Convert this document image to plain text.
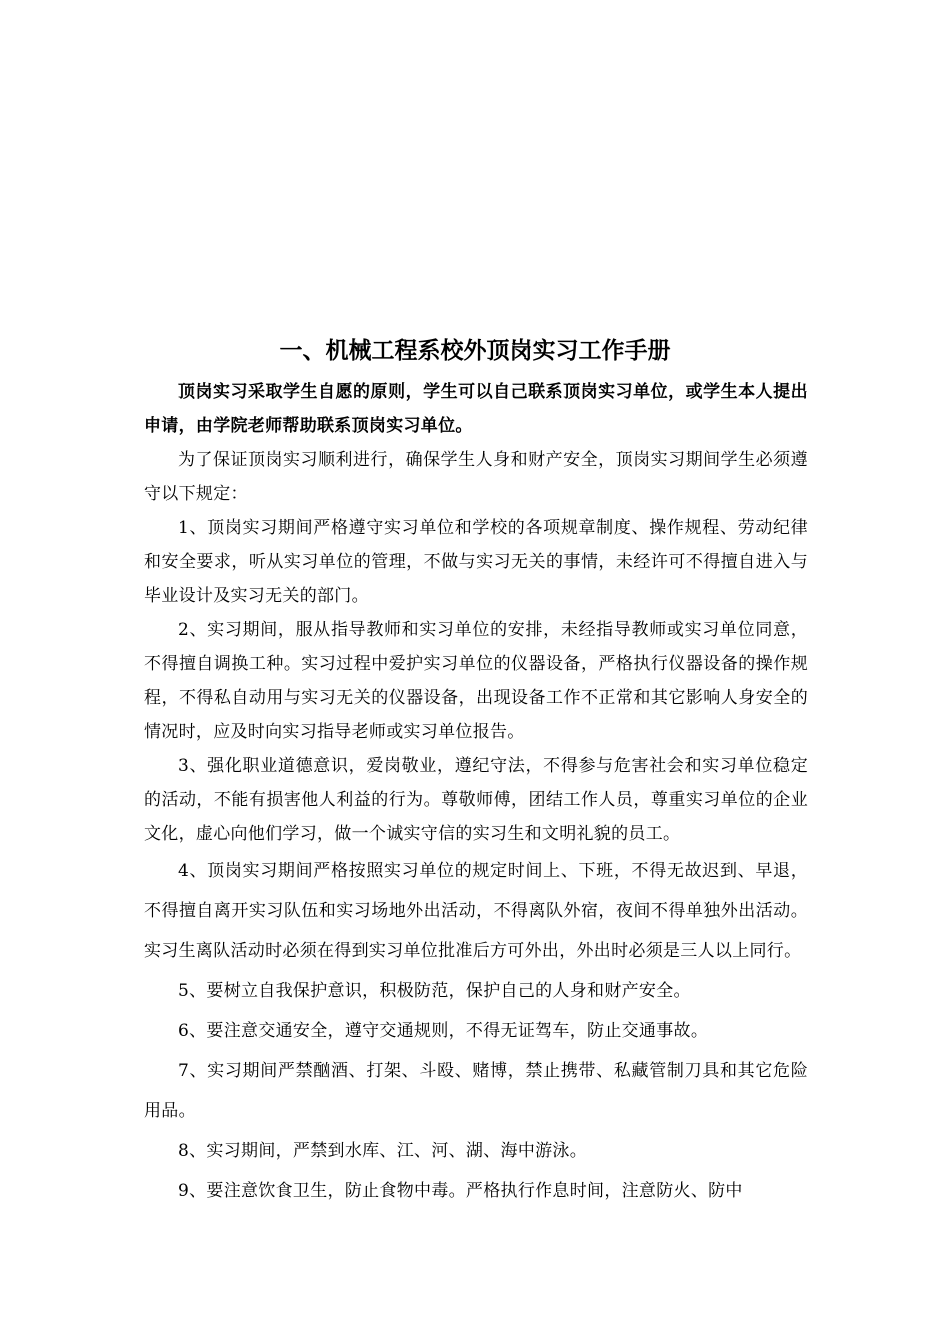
一、机械工程系校外顶岗实习工作手册

顶岗实习采取学生自愿的原则，学生可以自己联系顶岗实习单位，或学生本人提出申请，由学院老师帮助联系顶岗实习单位。

为了保证顶岗实习顺利进行，确保学生人身和财产安全，顶岗实习期间学生必须遵守以下规定：

1、顶岗实习期间严格遵守实习单位和学校的各项规章制度、操作规程、劳动纪律和安全要求，听从实习单位的管理，不做与实习无关的事情，未经许可不得擅自进入与毕业设计及实习无关的部门。

2、实习期间，服从指导教师和实习单位的安排，未经指导教师或实习单位同意，不得擅自调换工种。实习过程中爱护实习单位的仪器设备，严格执行仪器设备的操作规程，不得私自动用与实习无关的仪器设备，出现设备工作不正常和其它影响人身安全的情况时，应及时向实习指导老师或实习单位报告。

3、强化职业道德意识，爱岗敬业，遵纪守法，不得参与危害社会和实习单位稳定的活动，不能有损害他人利益的行为。尊敬师傅，团结工作人员，尊重实习单位的企业文化，虚心向他们学习，做一个诚实守信的实习生和文明礼貌的员工。

4、顶岗实习期间严格按照实习单位的规定时间上、下班，不得无故迟到、早退，不得擅自离开实习队伍和实习场地外出活动，不得离队外宿，夜间不得单独外出活动。实习生离队活动时必须在得到实习单位批准后方可外出，外出时必须是三人以上同行。

5、要树立自我保护意识，积极防范，保护自己的人身和财产安全。

6、要注意交通安全，遵守交通规则，不得无证驾车，防止交通事故。

7、实习期间严禁酗酒、打架、斗殴、赌博，禁止携带、私藏管制刀具和其它危险用品。

8、实习期间，严禁到水库、江、河、湖、海中游泳。

9、要注意饮食卫生，防止食物中毒。严格执行作息时间，注意防火、防中
